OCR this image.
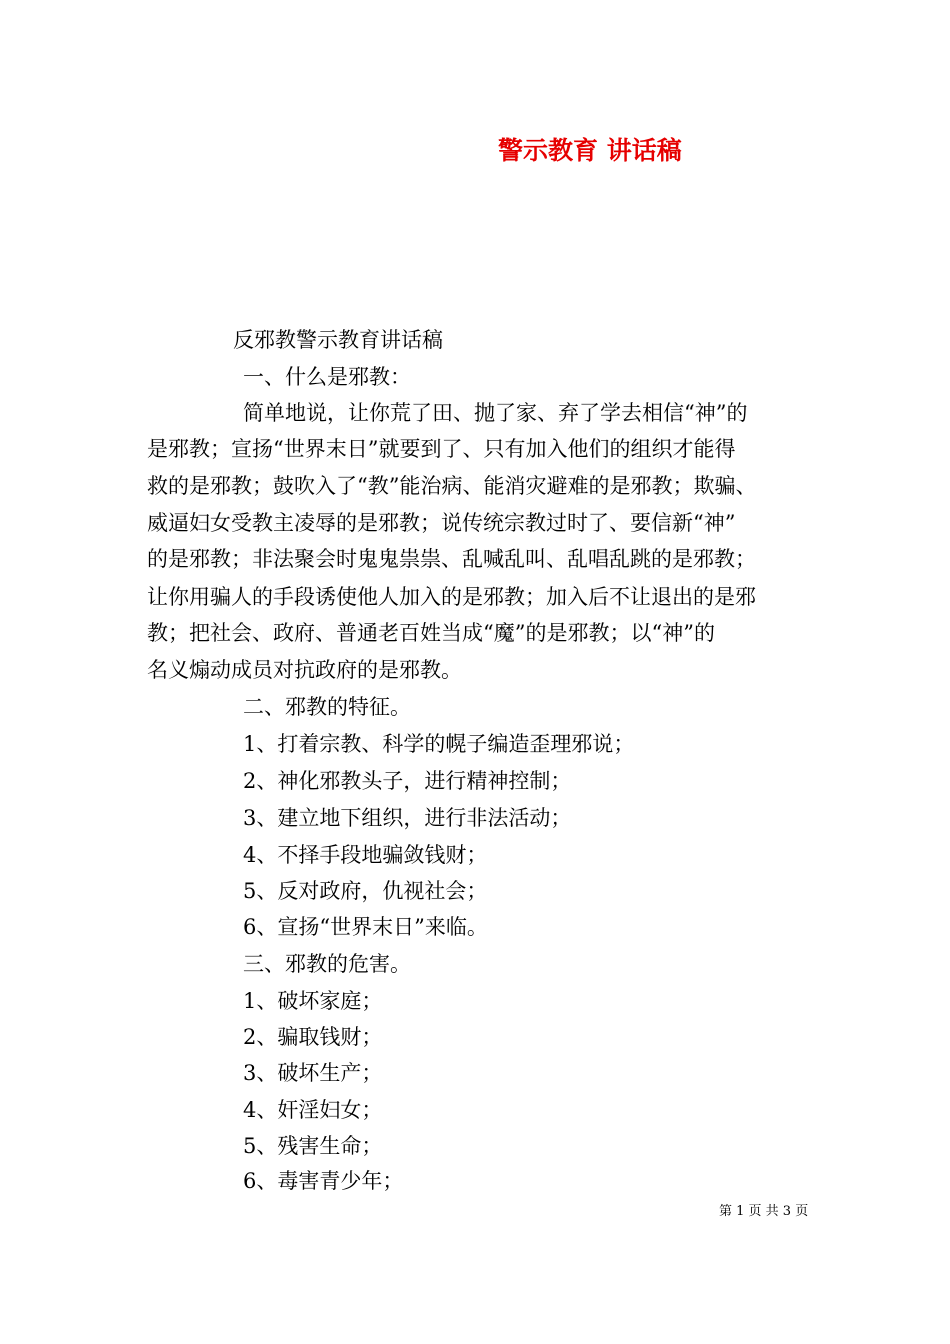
警示教育 讲话稿
反邪教警示教育讲话稿
一、什么是邪教：
简单地说，让你荒了田、抛了家、弃了学去相信“神”的
是邪教；宣扬“世界末日”就要到了、只有加入他们的组织才能得
救的是邪教；鼓吹入了“教”能治病、能消灾避难的是邪教；欺骗、
威逼妇女受教主凌辱的是邪教；说传统宗教过时了、要信新“神”
的是邪教；非法聚会时鬼鬼祟祟、乱喊乱叫、乱唱乱跳的是邪教；
让你用骗人的手段诱使他人加入的是邪教；加入后不让退出的是邪
教；把社会、政府、普通老百姓当成“魔”的是邪教；以“神”的
名义煽动成员对抗政府的是邪教。
二、邪教的特征。
1、打着宗教、科学的幌子编造歪理邪说；
2、神化邪教头子，进行精神控制；
3、建立地下组织，进行非法活动；
4、不择手段地骗敛钱财；
5、反对政府，仇视社会；
6、宣扬“世界末日”来临。
三、邪教的危害。
1、破坏家庭；
2、骗取钱财；
3、破坏生产；
4、奸淫妇女；
5、残害生命；
6、毒害青少年；
第 1 页 共 3 页
